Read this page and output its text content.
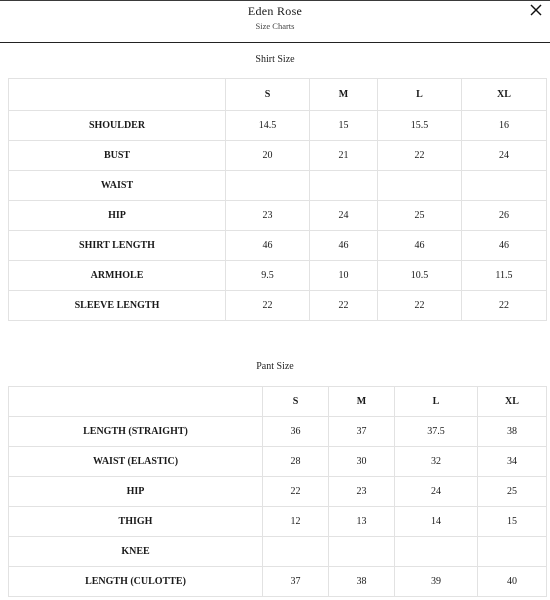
Eden Rose
Size Charts
Shirt Size
	S	M	L	XL
SHOULDER	14.5	15	15.5	16
BUST	20	21	22	24
WAIST				
HIP	23	24	25	26
SHIRT LENGTH	46	46	46	46
ARMHOLE	9.5	10	10.5	11.5
SLEEVE LENGTH	22	22	22	22
Pant Size
	S	M	L	XL
LENGTH (STRAIGHT)	36	37	37.5	38
WAIST (ELASTIC)	28	30	32	34
HIP	22	23	24	25
THIGH	12	13	14	15
KNEE				
LENGTH (CULOTTE)	37	38	39	40
